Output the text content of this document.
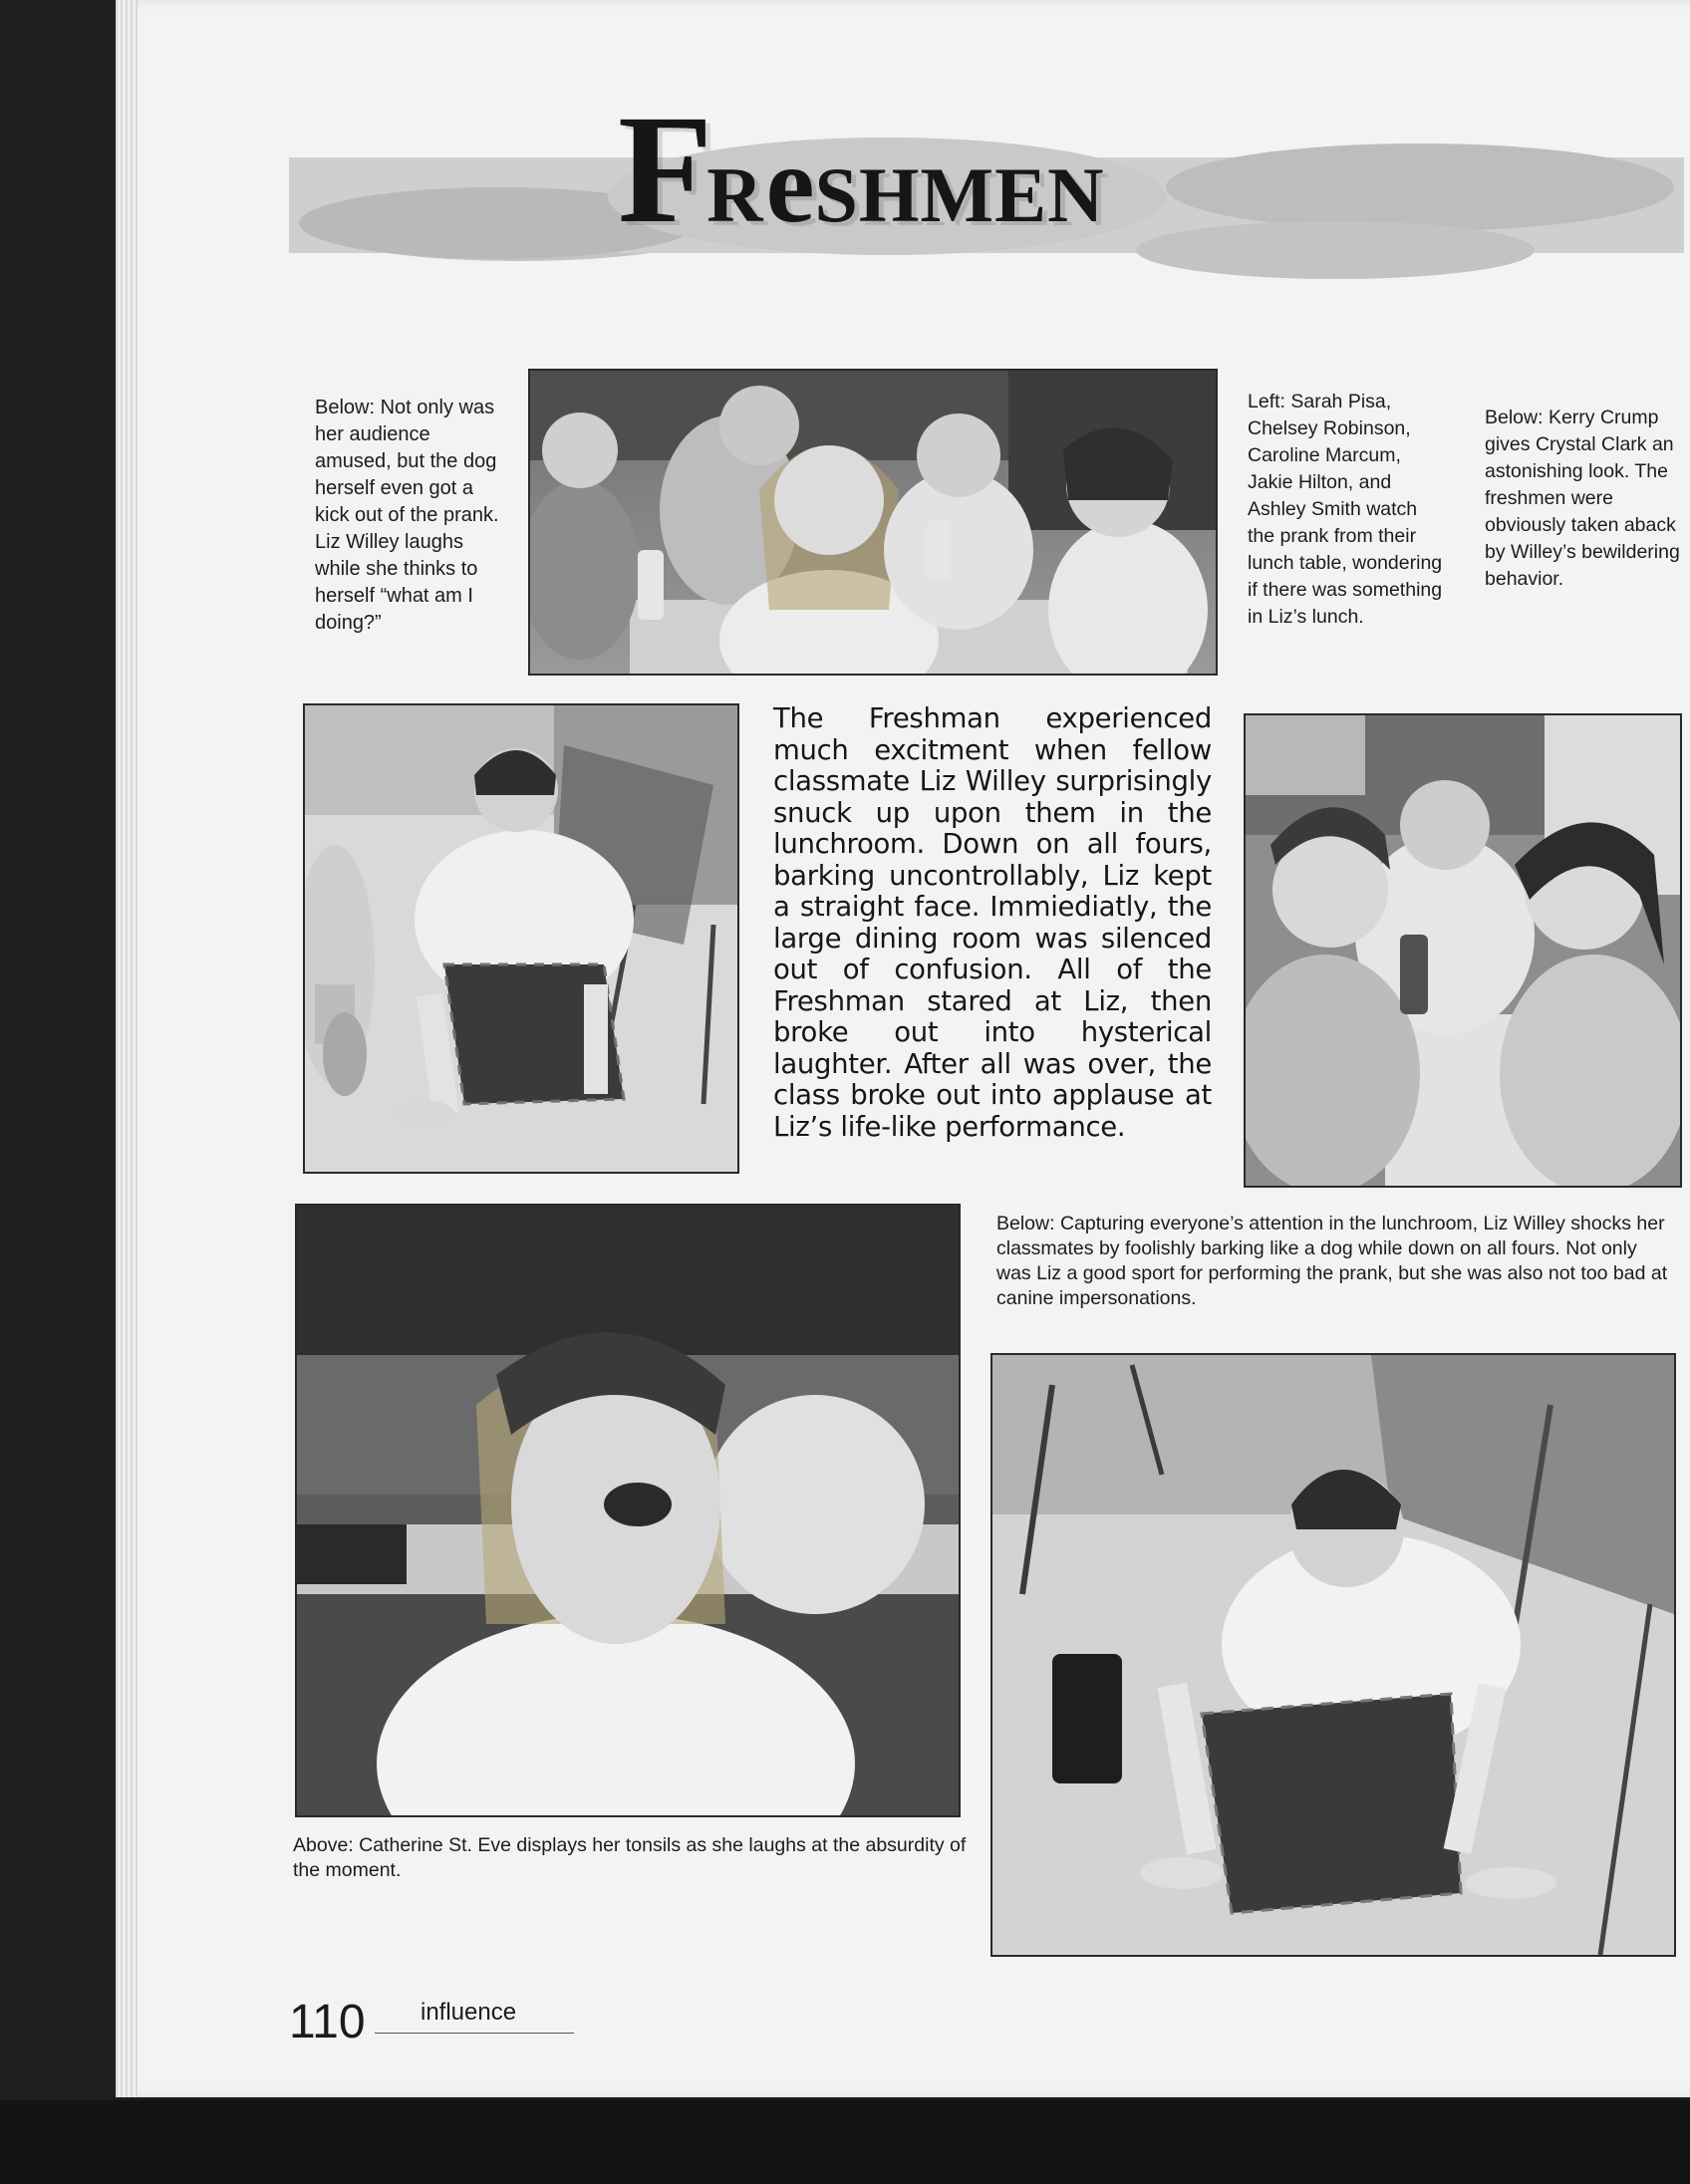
FReSHMEN
Below: Not only was her audience amused, but the dog herself even got a kick out of the prank. Liz Willey laughs while she thinks to herself “what am I doing?”
Left: Sarah Pisa, Chelsey Robinson, Caroline Marcum, Jakie Hilton, and Ashley Smith watch the prank from their lunch table, wondering if there was something in Liz’s lunch.
Below: Kerry Crump gives Crystal Clark an astonishing look. The freshmen were obviously taken aback by Willey’s bewildering behavior.
Below: Capturing everyone’s attention in the lunchroom, Liz Willey shocks her classmates by foolishly barking like a dog while down on all fours. Not only was Liz a good sport for performing the prank, but she was also not too bad at canine impersonations.
Above: Catherine St. Eve displays her tonsils as she laughs at the absurdity of the moment.
The Freshman experienced much excitment when fellow classmate Liz Willey surprisingly snuck up upon them in the lunchroom. Down on all fours, barking uncontrollably, Liz kept a straight face. Immiediatly, the large dining room was silenced out of confusion. All of the Freshman stared at Liz, then broke out into hysterical laughter. After all was over, the class broke out into applause at Liz’s life-like performance.
110 influence
